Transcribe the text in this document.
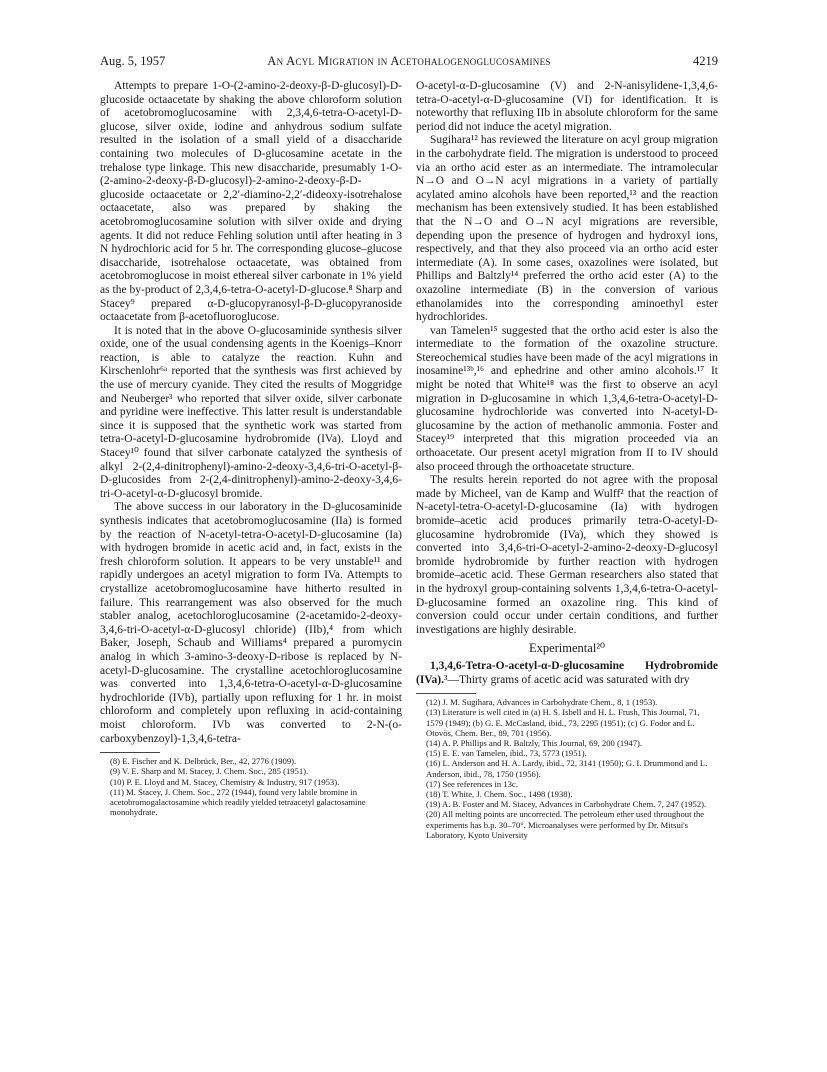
Aug. 5, 1957	An Acyl Migration in Acetohalogenoglucosamines	4219

Attempts to prepare 1-O-(2-amino-2-deoxy-β-D-glucosyl)-D-glucoside octaacetate by shaking the above chloroform solution of acetobromoglucosamine with 2,3,4,6-tetra-O-acetyl-D-glucose, silver oxide, iodine and anhydrous sodium sulfate resulted in the isolation of a small yield of a disaccharide containing two molecules of D-glucosamine acetate in the trehalose type linkage. This new disaccharide, presumably 1-O-(2-amino-2-deoxy-β-D-glucosyl)-2-amino-2-deoxy-β-D-glucoside octaacetate or 2,2′-diamino-2,2′-dideoxy-isotrehalose octaacetate, also was prepared by shaking the acetobromoglucosamine solution with silver oxide and drying agents. It did not reduce Fehling solution until after heating in 3 N hydrochloric acid for 5 hr. The corresponding glucose–glucose disaccharide, isotrehalose octaacetate, was obtained from acetobromoglucose in moist ethereal silver carbonate in 1% yield as the by-product of 2,3,4,6-tetra-O-acetyl-D-glucose.⁸ Sharp and Stacey⁹ prepared α-D-glucopyranosyl-β-D-glucopyranoside octaacetate from β-acetofluoroglucose.

It is noted that in the above O-glucosaminide synthesis silver oxide, one of the usual condensing agents in the Koenigs–Knorr reaction, is able to catalyze the reaction. Kuhn and Kirschenlohr⁶ᵃ reported that the synthesis was first achieved by the use of mercury cyanide. They cited the results of Moggridge and Neuberger³ who reported that silver oxide, silver carbonate and pyridine were ineffective. This latter result is understandable since it is supposed that the synthetic work was started from tetra-O-acetyl-D-glucosamine hydrobromide (IVa). Lloyd and Stacey¹⁰ found that silver carbonate catalyzed the synthesis of alkyl 2-(2,4-dinitrophenyl)-amino-2-deoxy-3,4,6-tri-O-acetyl-β-D-glucosides from 2-(2,4-dinitrophenyl)-amino-2-deoxy-3,4,6-tri-O-acetyl-α-D-glucosyl bromide.

The above success in our laboratory in the D-glucosaminide synthesis indicates that acetobromoglucosamine (IIa) is formed by the reaction of N-acetyl-tetra-O-acetyl-D-glucosamine (Ia) with hydrogen bromide in acetic acid and, in fact, exists in the fresh chloroform solution. It appears to be very unstable¹¹ and rapidly undergoes an acetyl migration to form IVa. Attempts to crystallize acetobromoglucosamine have hitherto resulted in failure. This rearrangement was also observed for the much stabler analog, acetochloroglucosamine (2-acetamido-2-deoxy-3,4,6-tri-O-acetyl-α-D-glucosyl chloride) (IIb),⁴ from which Baker, Joseph, Schaub and Williams⁴ prepared a puromycin analog in which 3-amino-3-deoxy-D-ribose is replaced by N-acetyl-D-glucosamine. The crystalline acetochloroglucosamine was converted into 1,3,4,6-tetra-O-acetyl-α-D-glucosamine hydrochloride (IVb), partially upon refluxing for 1 hr. in moist chloroform and completely upon refluxing in acid-containing moist chloroform. IVb was converted to 2-N-(o-carboxybenzoyl)-1,3,4,6-tetra-

(8) E. Fischer and K. Delbrück, Ber., 42, 2776 (1909).

(9) V. E. Sharp and M. Stacey, J. Chem. Soc., 285 (1951).

(10) P. E. Lloyd and M. Stacey, Chemistry & Industry, 917 (1953).

(11) M. Stacey, J. Chem. Soc., 272 (1944), found very labile bromine in acetobromogalactosamine which readily yielded tetraacetyl galactosamine monohydrate.

O-acetyl-α-D-glucosamine (V) and 2-N-anisylidene-1,3,4,6-tetra-O-acetyl-α-D-glucosamine (VI) for identification. It is noteworthy that refluxing IIb in absolute chloroform for the same period did not induce the acetyl migration.

Sugihara¹² has reviewed the literature on acyl group migration in the carbohydrate field. The migration is understood to proceed via an ortho acid ester as an intermediate. The intramolecular N→O and O→N acyl migrations in a variety of partially acylated amino alcohols have been reported,¹³ and the reaction mechanism has been extensively studied. It has been established that the N→O and O→N acyl migrations are reversible, depending upon the presence of hydrogen and hydroxyl ions, respectively, and that they also proceed via an ortho acid ester intermediate (A). In some cases, oxazolines were isolated, but Phillips and Baltzly¹⁴ preferred the ortho acid ester (A) to the oxazoline intermediate (B) in the conversion of various ethanolamides into the corresponding aminoethyl ester hydrochlorides.

van Tamelen¹⁵ suggested that the ortho acid ester is also the intermediate to the formation of the oxazoline structure. Stereochemical studies have been made of the acyl migrations in inosamine¹³ᵇ,¹⁶ and ephedrine and other amino alcohols.¹⁷ It might be noted that White¹⁸ was the first to observe an acyl migration in D-glucosamine in which 1,3,4,6-tetra-O-acetyl-D-glucosamine hydrochloride was converted into N-acetyl-D-glucosamine by the action of methanolic ammonia. Foster and Stacey¹⁹ interpreted that this migration proceeded via an orthoacetate. Our present acetyl migration from II to IV should also proceed through the orthoacetate structure.

The results herein reported do not agree with the proposal made by Micheel, van de Kamp and Wulff² that the reaction of N-acetyl-tetra-O-acetyl-D-glucosamine (Ia) with hydrogen bromide–acetic acid produces primarily tetra-O-acetyl-D-glucosamine hydrobromide (IVa), which they showed is converted into 3,4,6-tri-O-acetyl-2-amino-2-deoxy-D-glucosyl bromide hydrobromide by further reaction with hydrogen bromide–acetic acid. These German researchers also stated that in the hydroxyl group-containing solvents 1,3,4,6-tetra-O-acetyl-D-glucosamine formed an oxazoline ring. This kind of conversion could occur under certain conditions, and further investigations are highly desirable.

Experimental²⁰

1,3,4,6-Tetra-O-acetyl-α-D-glucosamine Hydrobromide (IVa).³—Thirty grams of acetic acid was saturated with dry

(12) J. M. Sugihara, Advances in Carbohydrate Chem., 8, 1 (1953).

(13) Literature is well cited in (a) H. S. Isbell and H. L. Frush, This Journal, 71, 1579 (1949); (b) G. E. McCasland, ibid., 73, 2295 (1951); (c) G. Fodor and L. Otovös, Chem. Ber., 89, 701 (1956).

(14) A. P. Phillips and R. Baltzly, This Journal, 69, 200 (1947).

(15) E. E. van Tamelen, ibid., 73, 5773 (1951).

(16) L. Anderson and H. A. Lardy, ibid., 72, 3141 (1950); G. I. Drummond and L. Anderson, ibid., 78, 1750 (1956).

(17) See references in 13c.

(18) T. White, J. Chem. Soc., 1498 (1938).

(19) A. B. Foster and M. Stacey, Advances in Carbohydrate Chem. 7, 247 (1952).

(20) All melting points are uncorrected. The petroleum ether used throughout the experiments has b.p. 30–70°. Microanalyses were performed by Dr. Mitsui's Laboratory, Kyoto University
